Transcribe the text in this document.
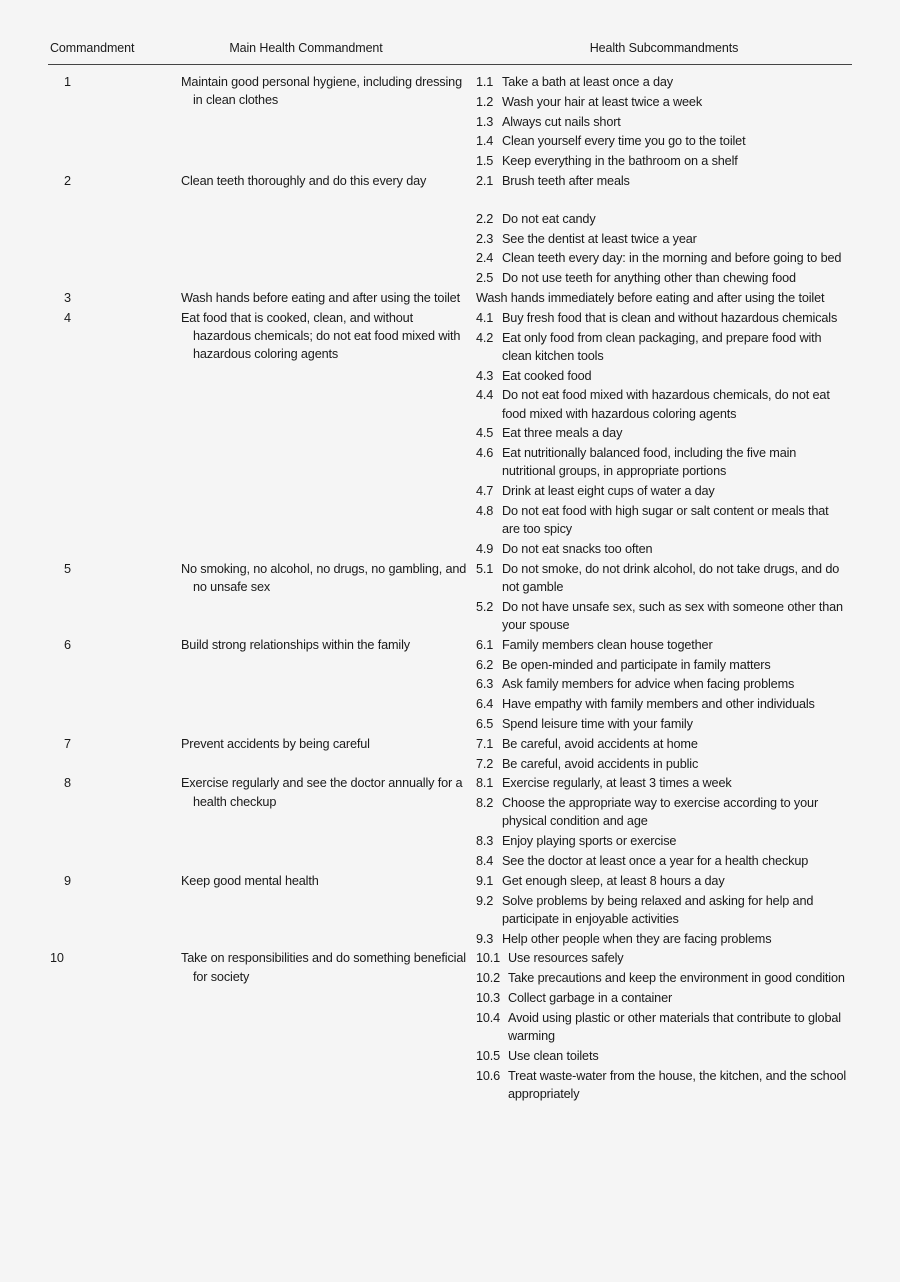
Commandment	Main Health Commandment	Health Subcommandments
1	Maintain good personal hygiene, including dressing in clean clothes
1.1 Take a bath at least once a day
1.2 Wash your hair at least twice a week
1.3 Always cut nails short
1.4 Clean yourself every time you go to the toilet
1.5 Keep everything in the bathroom on a shelf
2	Clean teeth thoroughly and do this every day	2.1 Brush teeth after meals
2.2 Do not eat candy
2.3 See the dentist at least twice a year
2.4 Clean teeth every day: in the morning and before going to bed
2.5 Do not use teeth for anything other than chewing food
3	Wash hands before eating and after using the toilet	Wash hands immediately before eating and after using the toilet
4	Eat food that is cooked, clean, and without hazardous chemicals; do not eat food mixed with hazardous coloring agents
4.1 Buy fresh food that is clean and without hazardous chemicals
4.2 Eat only food from clean packaging, and prepare food with clean kitchen tools
4.3 Eat cooked food
4.4 Do not eat food mixed with hazardous chemicals, do not eat food mixed with hazardous coloring agents
4.5 Eat three meals a day
4.6 Eat nutritionally balanced food, including the five main nutritional groups, in appropriate portions
4.7 Drink at least eight cups of water a day
4.8 Do not eat food with high sugar or salt content or meals that are too spicy
4.9 Do not eat snacks too often
5	No smoking, no alcohol, no drugs, no gambling, and no unsafe sex
5.1 Do not smoke, do not drink alcohol, do not take drugs, and do not gamble
5.2 Do not have unsafe sex, such as sex with someone other than your spouse
6	Build strong relationships within the family	6.1 Family members clean house together
6.2 Be open-minded and participate in family matters
6.3 Ask family members for advice when facing problems
6.4 Have empathy with family members and other individuals
6.5 Spend leisure time with your family
7	Prevent accidents by being careful	7.1 Be careful, avoid accidents at home
7.2 Be careful, avoid accidents in public
8	Exercise regularly and see the doctor annually for a health checkup
8.1 Exercise regularly, at least 3 times a week
8.2 Choose the appropriate way to exercise according to your physical condition and age
8.3 Enjoy playing sports or exercise
8.4 See the doctor at least once a year for a health checkup
9	Keep good mental health	9.1 Get enough sleep, at least 8 hours a day
9.2 Solve problems by being relaxed and asking for help and participate in enjoyable activities
9.3 Help other people when they are facing problems
10	Take on responsibilities and do something beneficial for society
10.1 Use resources safely
10.2 Take precautions and keep the environment in good condition
10.3 Collect garbage in a container
10.4 Avoid using plastic or other materials that contribute to global warming
10.5 Use clean toilets
10.6 Treat waste-water from the house, the kitchen, and the school appropriately
